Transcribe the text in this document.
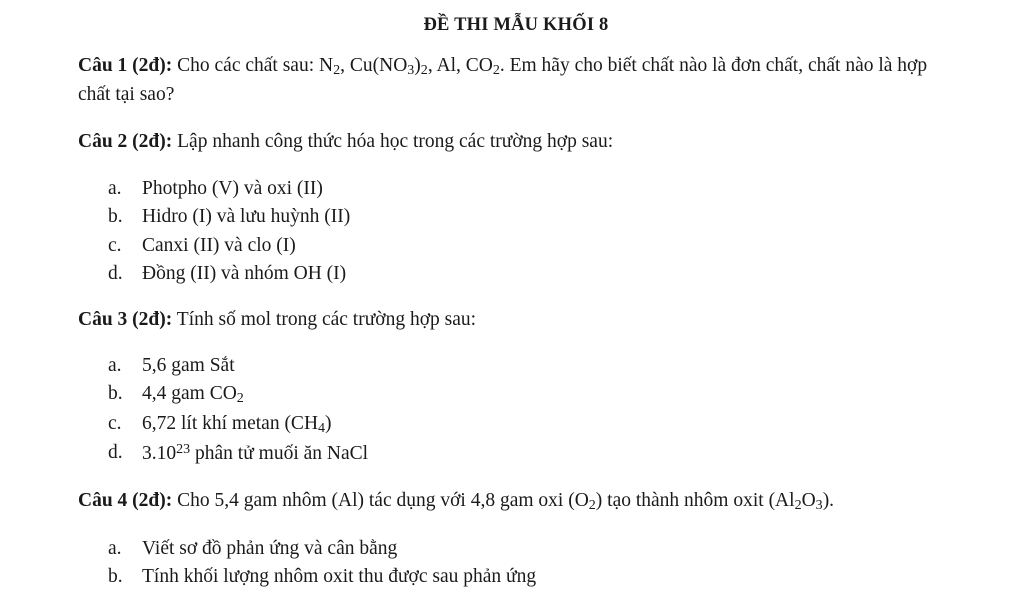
ĐỀ THI MẪU KHỐI 8

Câu 1 (2đ): Cho các chất sau: $N_2$, $Cu(NO_3)_2$, Al, $CO_2$. Em hãy cho biết chất nào là đơn chất, chất nào là hợp chất tại sao?

Câu 2 (2đ): Lập nhanh công thức hóa học trong các trường hợp sau:

a.	Photpho (V) và oxi (II)
b. Hidro (I) và lưu huỳnh (II)
c.	Canxi (II) và clo (I)
d. Đồng (II) và nhóm OH (I)

Câu 3 (2đ): Tính số mol trong các trường hợp sau:

a.	5,6 gam Sắt
b. 4,4 gam $CO_2$
c.	6,72 lít khí metan $(CH_4)$
d. 3.10$^{23}$ phân tử muối ăn NaCl

Câu 4 (2đ): Cho 5,4 gam nhôm (Al) tác dụng với 4,8 gam oxi $(O_2)$ tạo thành nhôm oxit $(Al_2O_3)$.

a.	Viết sơ đồ phản ứng và cân bằng
b. Tính khối lượng nhôm oxit thu được sau phản ứng
